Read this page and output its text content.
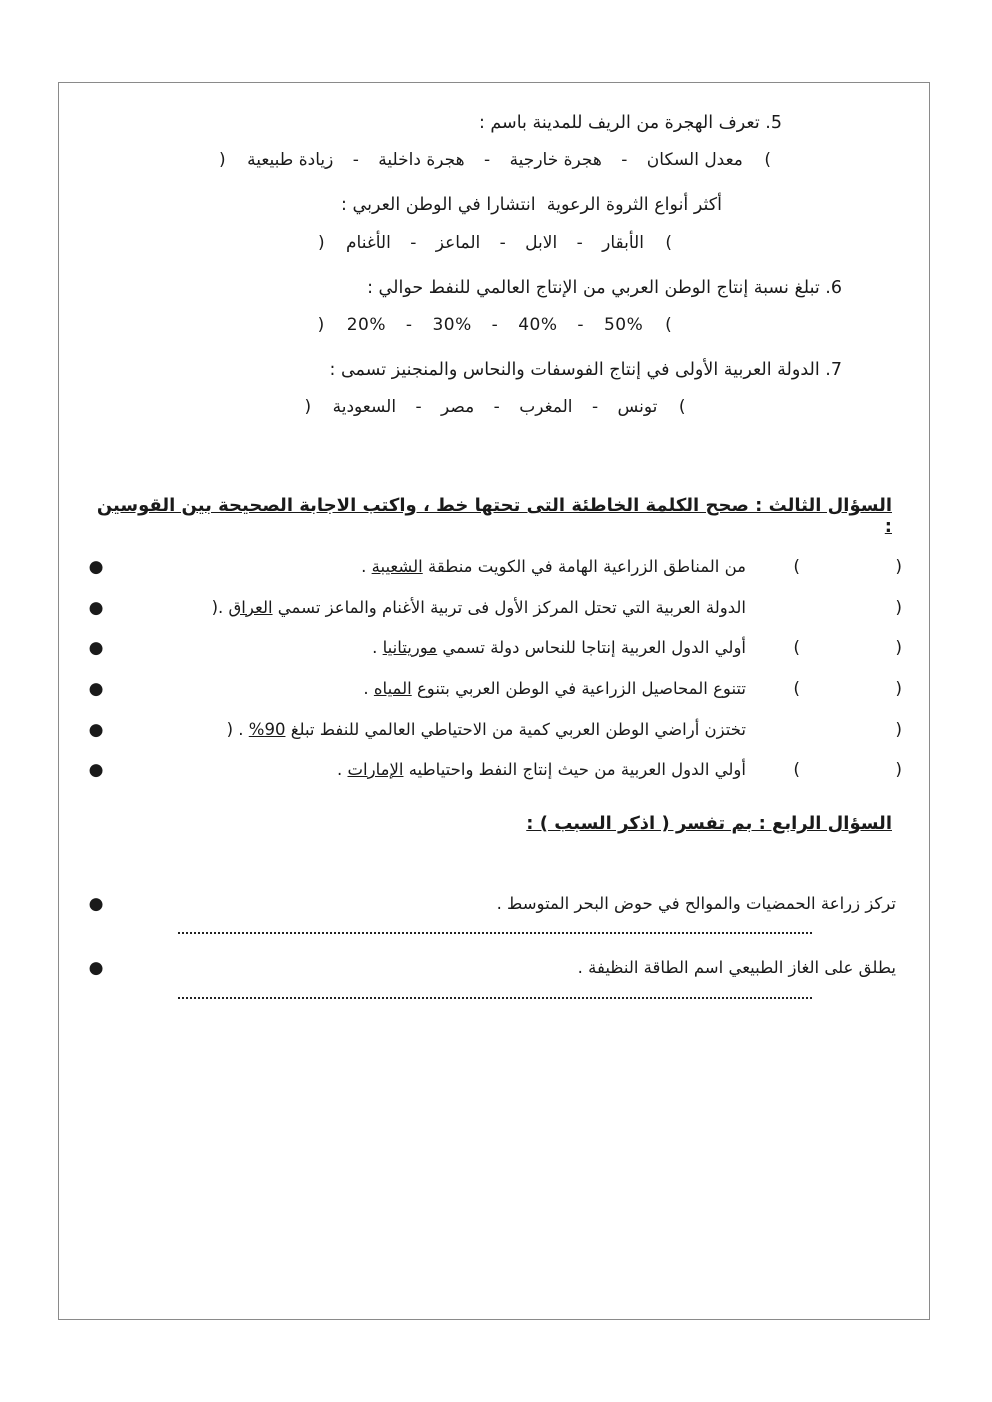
5. تعرف الهجرة من الريف للمدينة باسم :
) معدل السكان - هجرة خارجية - هجرة داخلية - زيادة طبيعية (
أكثر أنواع الثروة الرعوية  انتشارا في الوطن العربي :
) الأبقار - الابل - الماعز - الأغنام (
6. تبلغ نسبة إنتاج الوطن العربي من الإنتاج العالمي للنفط حوالي :
) 50% - 40% - 30% - 20% (
7. الدولة العربية الأولى في إنتاج الفوسفات والنحاس والمنجنيز تسمى :
) تونس - المغرب - مصر - السعودية (
السؤال الثالث : صحح الكلمة الخاطئة التى تحتها خط ، واكتب الاجابة الصحيحة بين القوسين :
( )
من المناطق الزراعية الهامة في الكويت منطقة الشعيبة .
●
(
الدولة العربية التي تحتل المركز الأول فى تربية الأغنام والماعز تسمي العراق .(
●
( )
أولي الدول العربية إنتاجا للنحاس دولة تسمي موريتانيا .
●
( )
تتنوع المحاصيل الزراعية في الوطن العربي بتنوع المياه .
●
(
تختزن أراضي الوطن العربي كمية من الاحتياطي العالمي للنفط تبلغ 90% . (
●
( )
أولي الدول العربية من حيث إنتاج النفط واحتياطيه الإمارات .
●
السؤال الرابع : بم تفسر ( اذكر السبب ) :
تركز زراعة الحمضيات والموالح في حوض البحر المتوسط .
●
يطلق على الغاز الطبيعي اسم الطاقة النظيفة .
●
